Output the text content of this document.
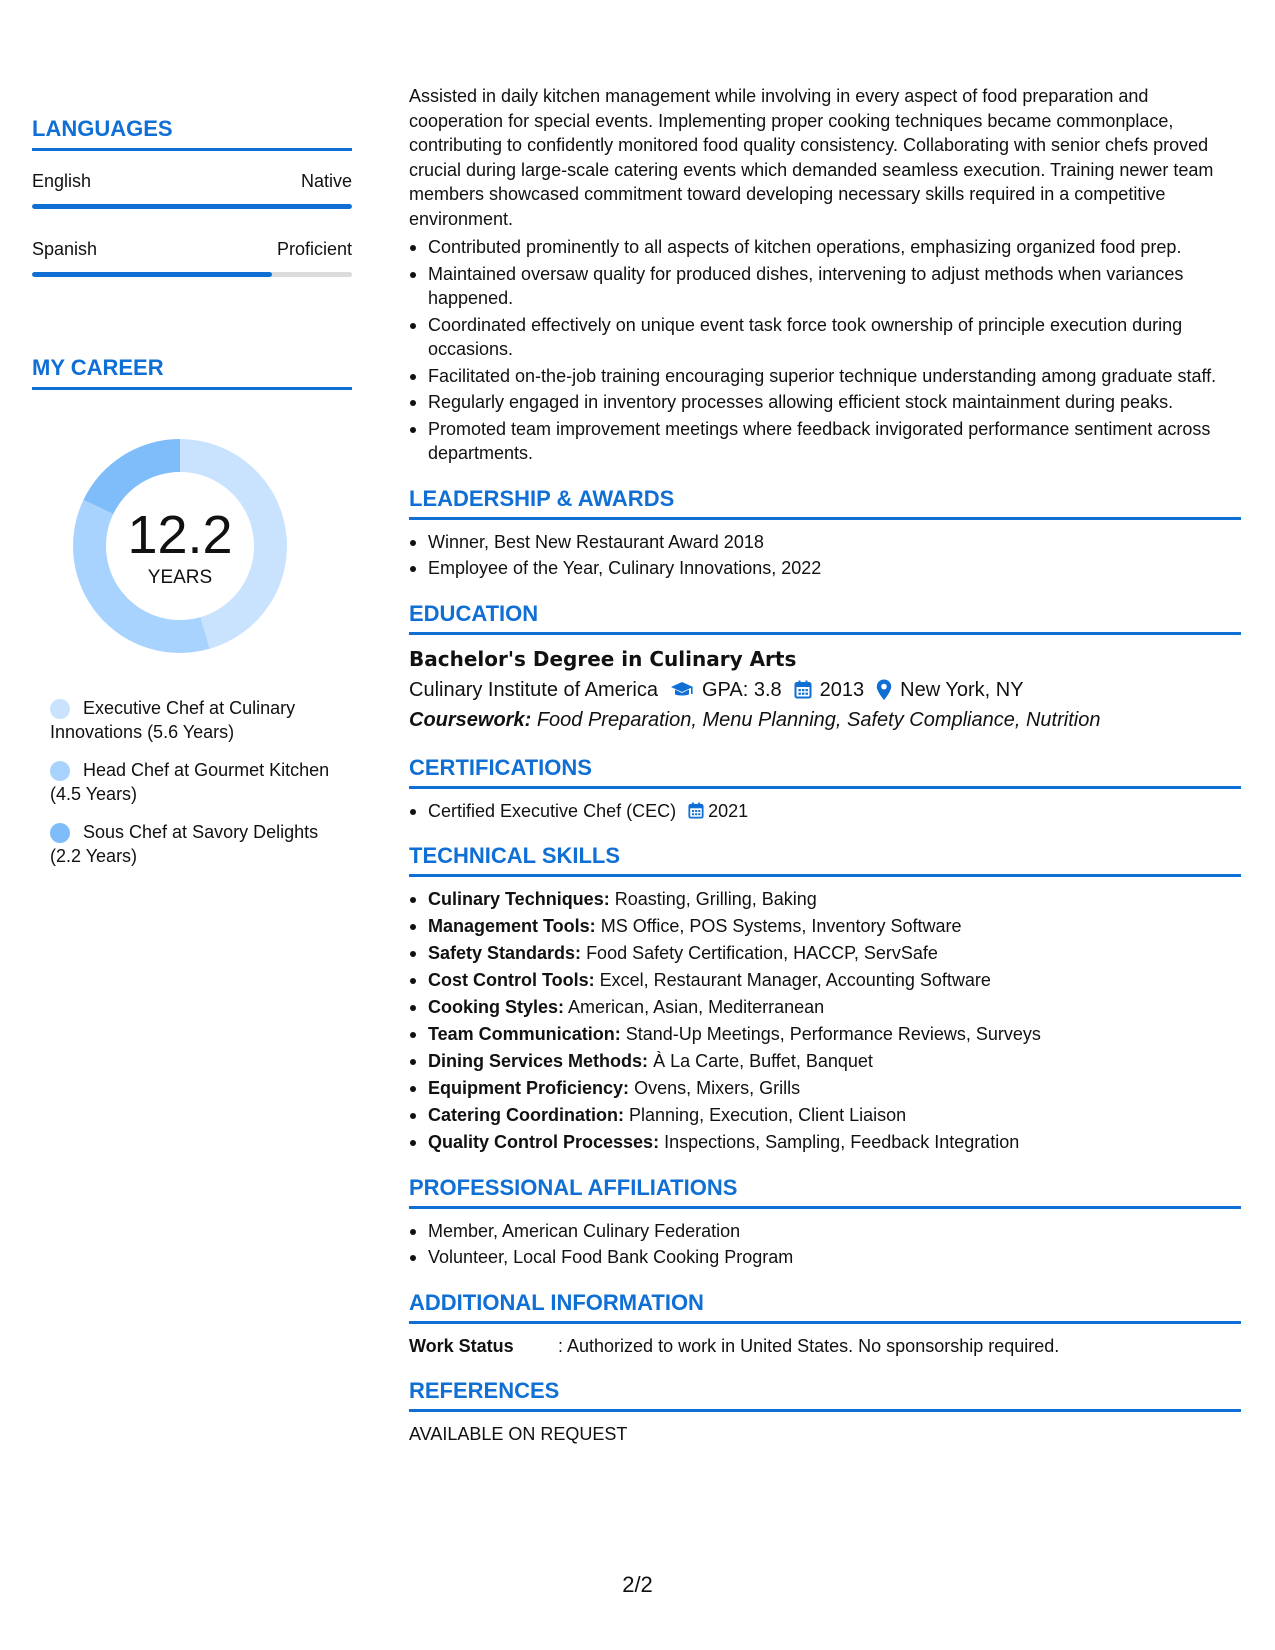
LANGUAGES
English	Native
Spanish	Proficient
MY CAREER
12.2
YEARS
Executive Chef at Culinary Innovations (5.6 Years)
Head Chef at Gourmet Kitchen (4.5 Years)
Sous Chef at Savory Delights (2.2 Years)

Assisted in daily kitchen management while involving in every aspect of food preparation and cooperation for special events. Implementing proper cooking techniques became commonplace, contributing to confidently monitored food quality consistency. Collaborating with senior chefs proved crucial during large-scale catering events which demanded seamless execution. Training newer team members showcased commitment toward developing necessary skills required in a competitive environment.

Contributed prominently to all aspects of kitchen operations, emphasizing organized food prep.
Maintained oversaw quality for produced dishes, intervening to adjust methods when variances happened.
Coordinated effectively on unique event task force took ownership of principle execution during occasions.
Facilitated on-the-job training encouraging superior technique understanding among graduate staff.
Regularly engaged in inventory processes allowing efficient stock maintainment during peaks.
Promoted team improvement meetings where feedback invigorated performance sentiment across departments.
LEADERSHIP & AWARDS
Winner, Best New Restaurant Award 2018
Employee of the Year, Culinary Innovations, 2022
EDUCATION
Bachelor's Degree in Culinary Arts
Culinary Institute of America GPA: 3.8 2013 New York, NY
Coursework: Food Preparation, Menu Planning, Safety Compliance, Nutrition
CERTIFICATIONS
Certified Executive Chef (CEC) 2021
TECHNICAL SKILLS
Culinary Techniques: Roasting, Grilling, Baking
Management Tools: MS Office, POS Systems, Inventory Software
Safety Standards: Food Safety Certification, HACCP, ServSafe
Cost Control Tools: Excel, Restaurant Manager, Accounting Software
Cooking Styles: American, Asian, Mediterranean
Team Communication: Stand-Up Meetings, Performance Reviews, Surveys
Dining Services Methods: À La Carte, Buffet, Banquet
Equipment Proficiency: Ovens, Mixers, Grills
Catering Coordination: Planning, Execution, Client Liaison
Quality Control Processes: Inspections, Sampling, Feedback Integration
PROFESSIONAL AFFILIATIONS
Member, American Culinary Federation
Volunteer, Local Food Bank Cooking Program
ADDITIONAL INFORMATION
Work Status	: Authorized to work in United States. No sponsorship required.
REFERENCES
AVAILABLE ON REQUEST
2/2
